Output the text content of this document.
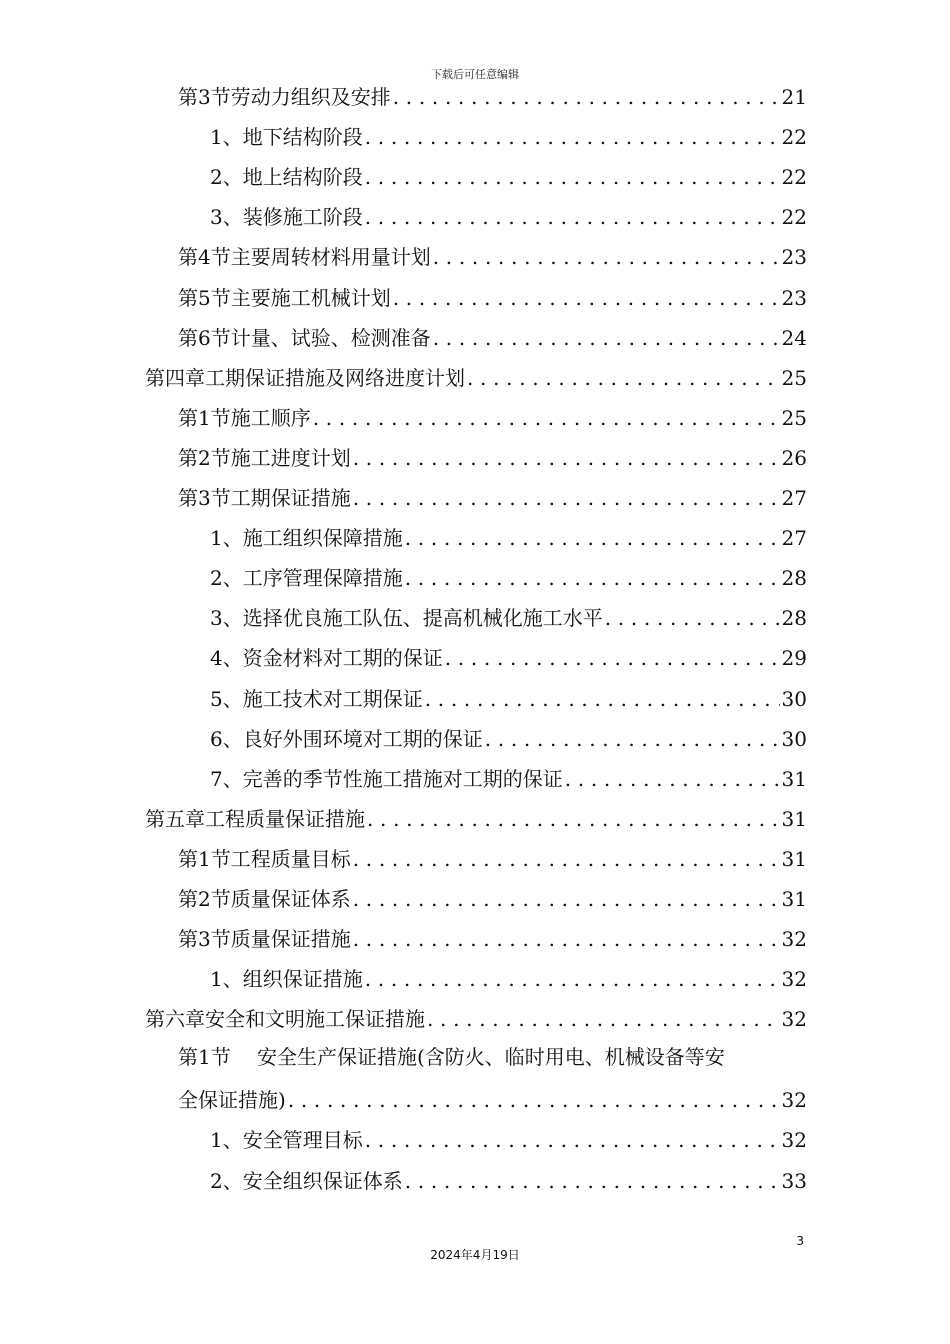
下载后可任意编辑
第3节 劳动力组织及安排 .....	21
1、 地下结构阶段 .....	22
2、 地上结构阶段 .....	22
3、 装修施工阶段 .....	22
第4节 主要周转材料用量计划 .....	23
第5节 主要施工机械计划 .....	23
第6节 计量、试验、检测准备 .....	24
第四章 工期保证措施及网络进度计划 .....	25
第1节 施工顺序 .....	25
第2节 施工进度计划 .....	26
第3节 工期保证措施 .....	27
1、 施工组织保障措施 .....	27
2、 工序管理保障措施 .....	28
3、 选择优良施工队伍、提高机械化施工水平 .....	28
4、 资金材料对工期的保证 .....	29
5、 施工技术对工期保证 .....	30
6、 良好外围环境对工期的保证 .....	30
7、 完善的季节性施工措施对工期的保证 .....	31
第五章 工程质量保证措施 .....	31
第1节 工程质量目标 .....	31
第2节 质量保证体系 .....	31
第3节 质量保证措施 .....	32
1、 组织保证措施 .....	32
第六章 安全和文明施工保证措施 .....	32
第1节 安全生产保证措施(含防火、临时用电、机械设备等安
全保证措施) .....	32
1、 安全管理目标 .....	32
2、 安全组织保证体系 .....	33
3
2024年4月19日
